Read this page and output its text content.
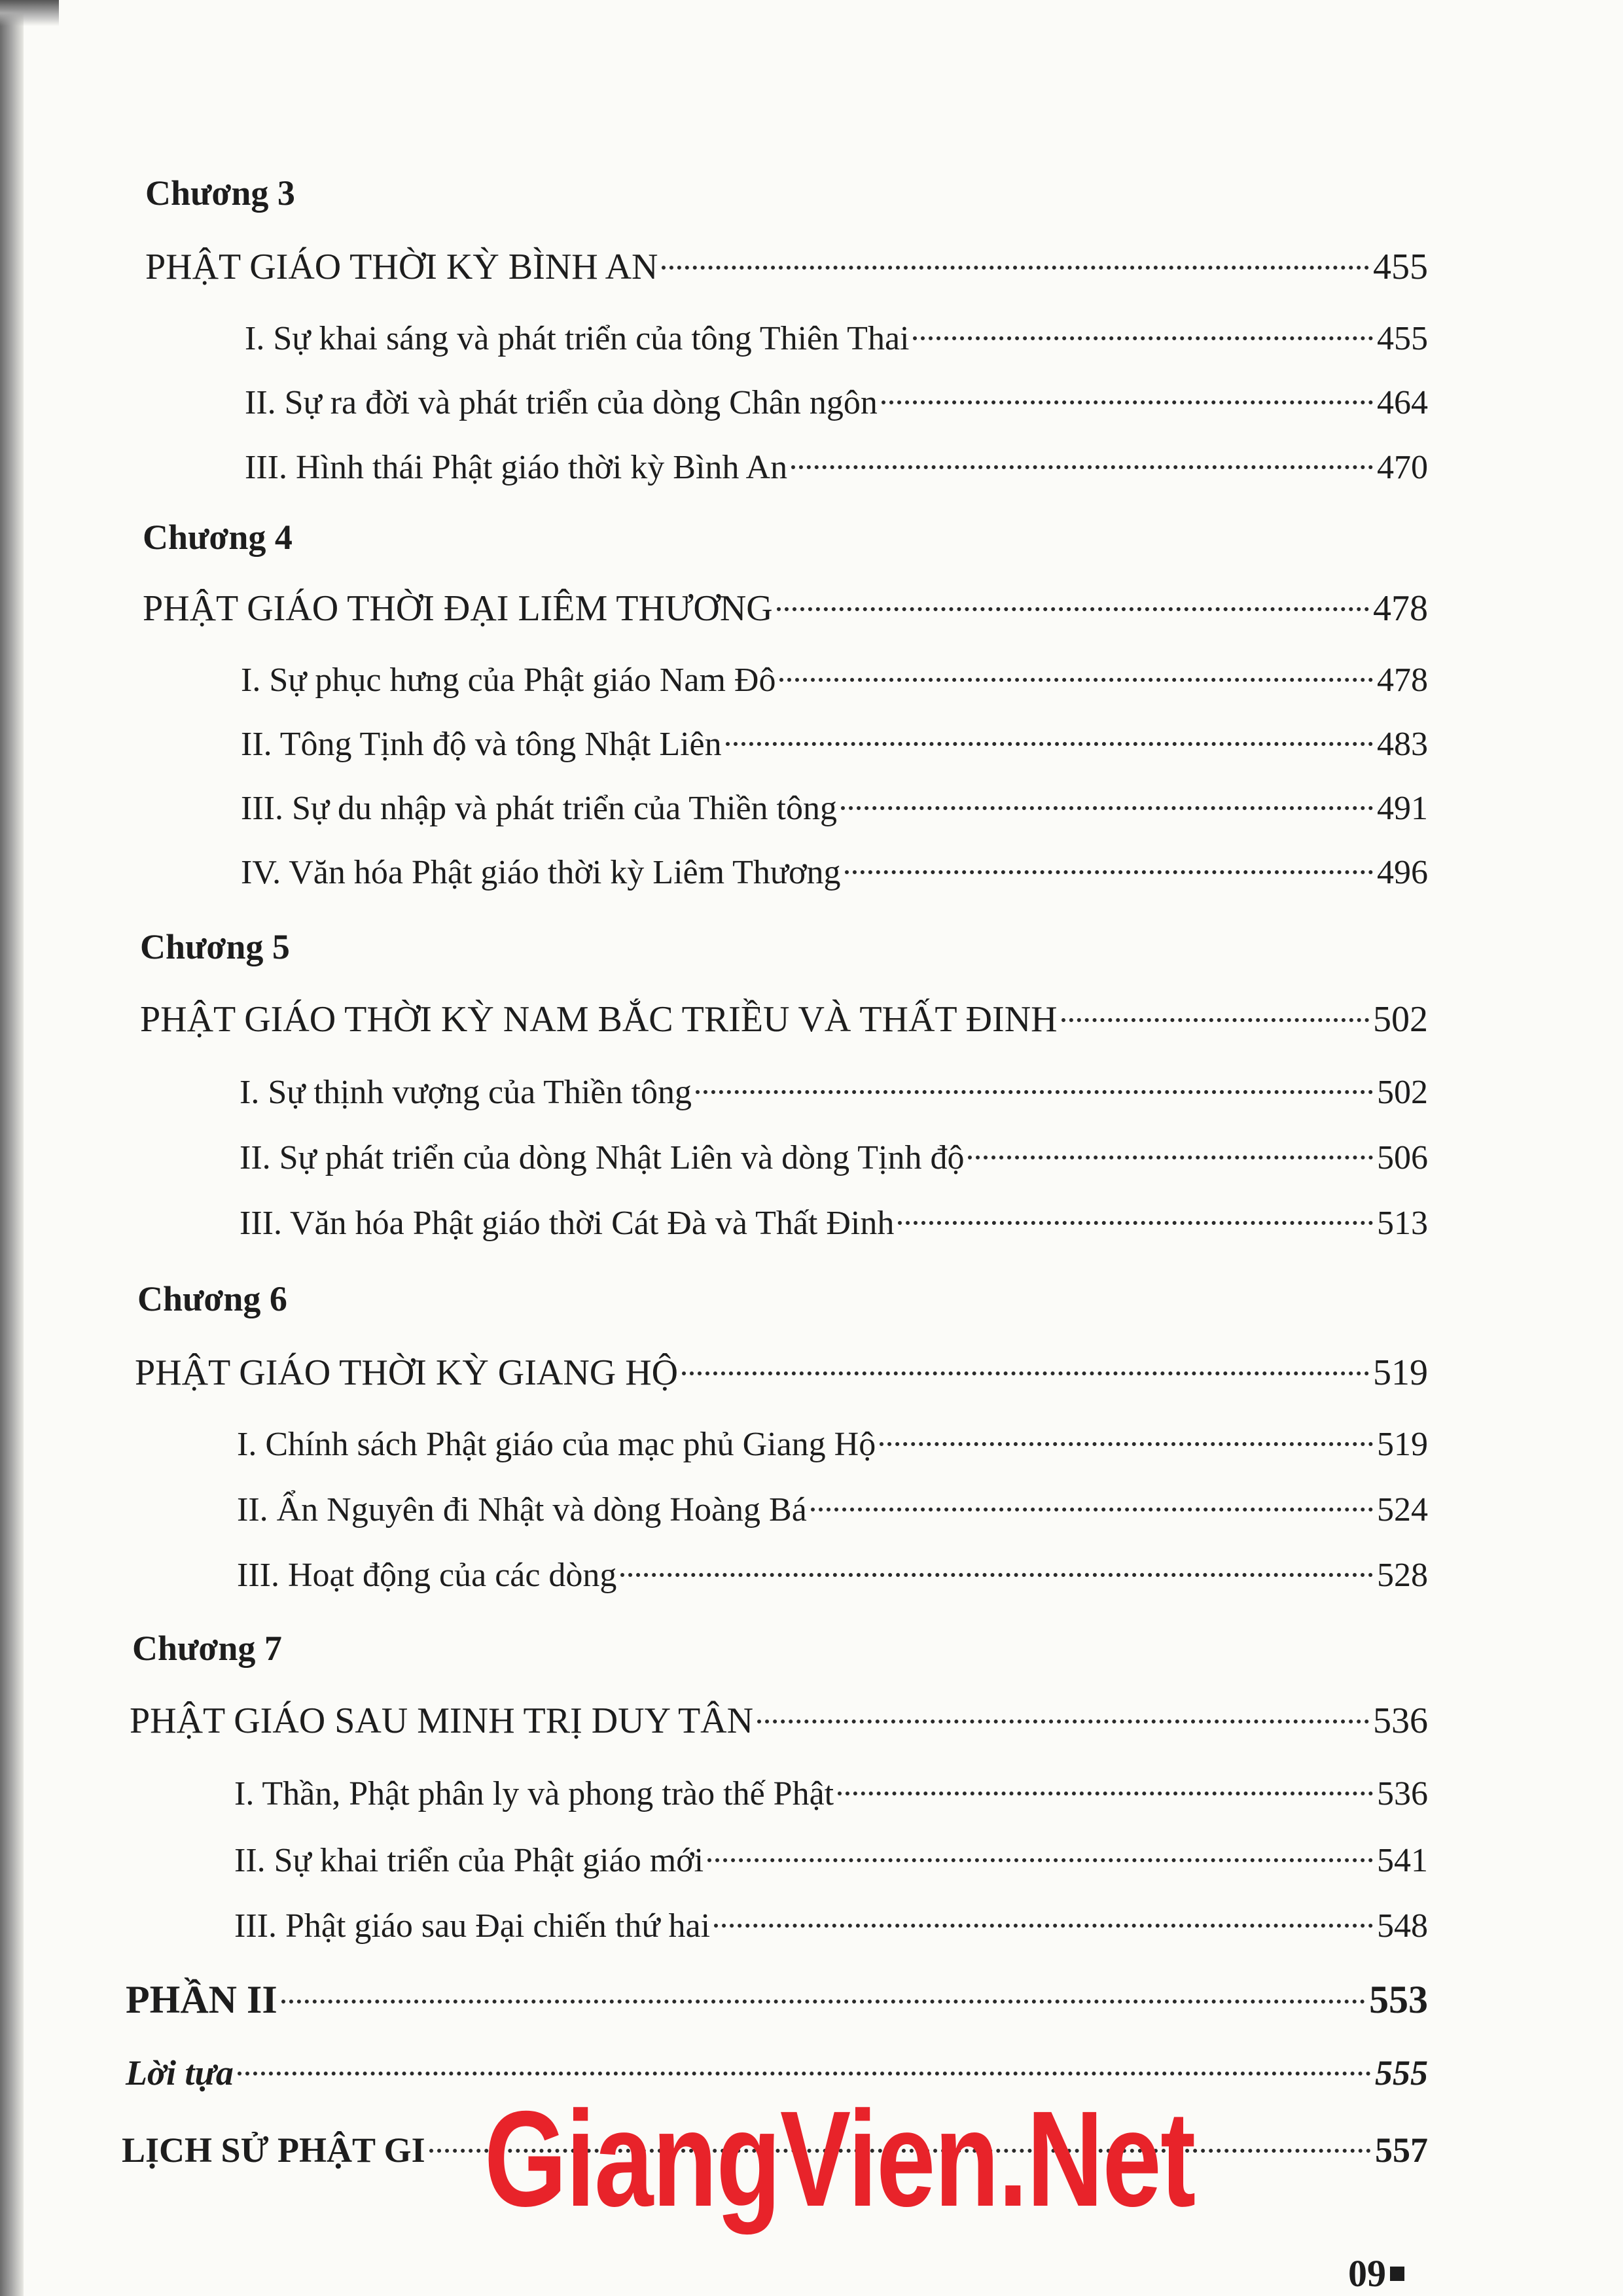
Chương 3
PHẬT GIÁO THỜI KỲ BÌNH AN	455
I. Sự khai sáng và phát triển của tông Thiên Thai	455
II. Sự ra đời và phát triển của dòng Chân ngôn	464
III. Hình thái Phật giáo thời kỳ Bình An	470
Chương 4
PHẬT GIÁO THỜI ĐẠI LIÊM THƯƠNG	478
I. Sự phục hưng của Phật giáo Nam Đô	478
II. Tông Tịnh độ và tông Nhật Liên	483
III. Sự du nhập và phát triển của Thiền tông	491
IV. Văn hóa Phật giáo thời kỳ Liêm Thương	496
Chương 5
PHẬT GIÁO THỜI KỲ NAM BẮC TRIỀU VÀ THẤT ĐINH	502
I. Sự thịnh vượng của Thiền tông	502
II. Sự phát triển của dòng Nhật Liên và dòng Tịnh độ	506
III. Văn hóa Phật giáo thời Cát Đà và Thất Đinh	513
Chương 6
PHẬT GIÁO THỜI KỲ GIANG HỘ	519
I. Chính sách Phật giáo của mạc phủ Giang Hộ	519
II. Ẩn Nguyên đi Nhật và dòng Hoàng Bá	524
III. Hoạt động của các dòng	528
Chương 7
PHẬT GIÁO SAU MINH TRỊ DUY TÂN	536
I. Thần, Phật phân ly và phong trào thế Phật	536
II. Sự khai triển của Phật giáo mới	541
III. Phật giáo sau Đại chiến thứ hai	548
PHẦN II	553
Lời tựa	555
LỊCH SỬ PHẬT GI	557
GiangVien.Net
09
